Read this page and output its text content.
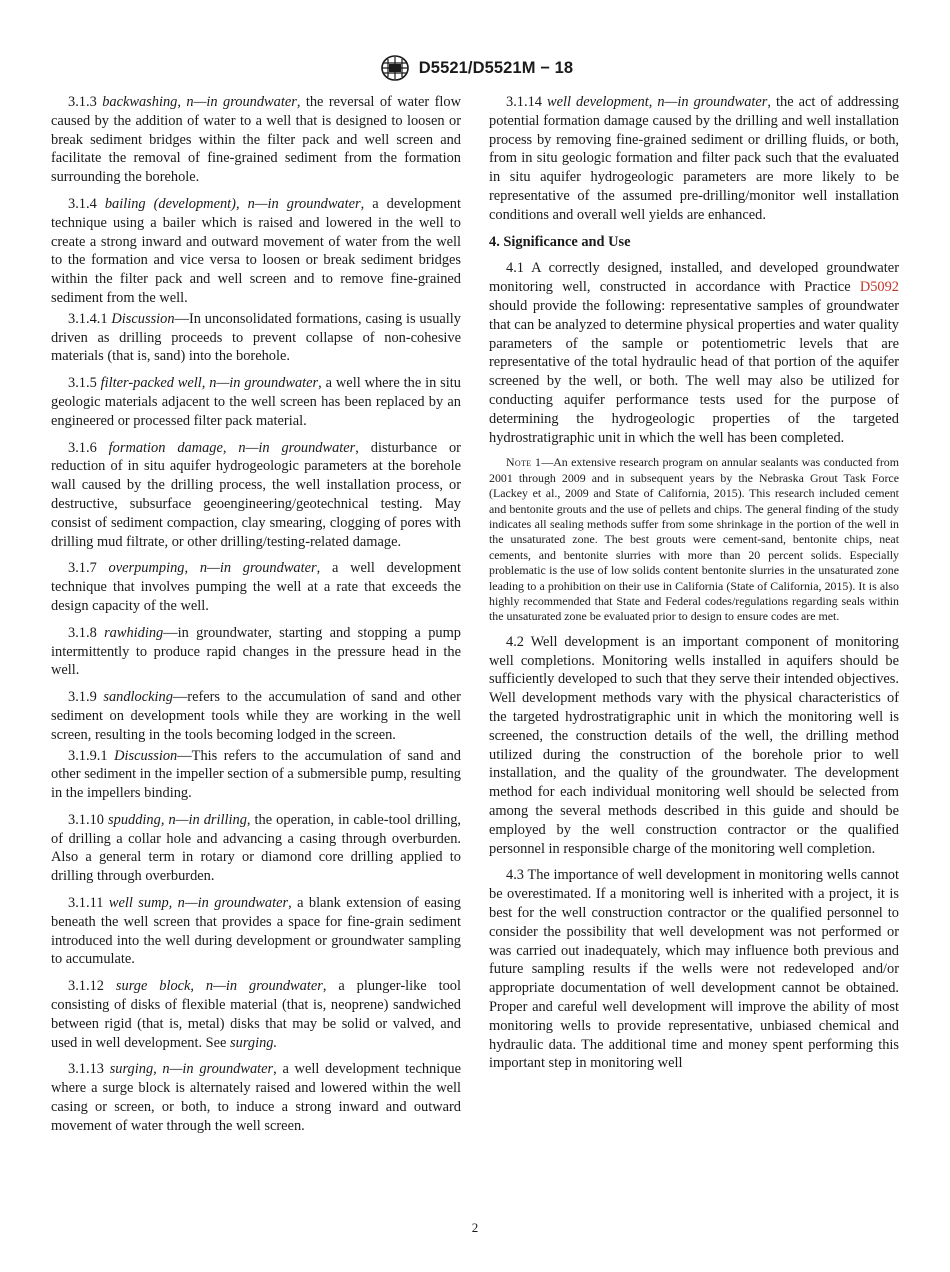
D5521/D5521M − 18

3.1.3 backwashing, n—in groundwater, the reversal of water flow caused by the addition of water to a well that is designed to loosen or break sediment bridges within the filter pack and well screen and facilitate the removal of fine-grained sediment from the formation surrounding the borehole.

3.1.4 bailing (development), n—in groundwater, a development technique using a bailer which is raised and lowered in the well to create a strong inward and outward movement of water from the well to the formation and vice versa to loosen or break sediment bridges within the filter pack and well screen and to remove fine-grained sediment from the well.

3.1.4.1 Discussion—In unconsolidated formations, casing is usually driven as drilling proceeds to prevent collapse of non-cohesive materials (that is, sand) into the borehole.

3.1.5 filter-packed well, n—in groundwater, a well where the in situ geologic materials adjacent to the well screen has been replaced by an engineered or processed filter pack material.

3.1.6 formation damage, n—in groundwater, disturbance or reduction of in situ aquifer hydrogeologic parameters at the borehole wall caused by the drilling process, the well installation process, or destructive, subsurface geoengineering/geotechnical testing. May consist of sediment compaction, clay smearing, clogging of pores with drilling mud filtrate, or other drilling/testing-related damage.

3.1.7 overpumping, n—in groundwater, a well development technique that involves pumping the well at a rate that exceeds the design capacity of the well.

3.1.8 rawhiding—in groundwater, starting and stopping a pump intermittently to produce rapid changes in the pressure head in the well.

3.1.9 sandlocking—refers to the accumulation of sand and other sediment on development tools while they are working in the well screen, resulting in the tools becoming lodged in the screen.

3.1.9.1 Discussion—This refers to the accumulation of sand and other sediment in the impeller section of a submersible pump, resulting in the impellers binding.

3.1.10 spudding, n—in drilling, the operation, in cable-tool drilling, of drilling a collar hole and advancing a casing through overburden. Also a general term in rotary or diamond core drilling applied to drilling through overburden.

3.1.11 well sump, n—in groundwater, a blank extension of easing beneath the well screen that provides a space for fine-grain sediment introduced into the well during development or groundwater sampling to accumulate.

3.1.12 surge block, n—in groundwater, a plunger-like tool consisting of disks of flexible material (that is, neoprene) sandwiched between rigid (that is, metal) disks that may be solid or valved, and used in well development. See surging.

3.1.13 surging, n—in groundwater, a well development technique where a surge block is alternately raised and lowered within the well casing or screen, or both, to induce a strong inward and outward movement of water through the well screen.

3.1.14 well development, n—in groundwater, the act of addressing potential formation damage caused by the drilling and well installation process by removing fine-grained sediment or drilling fluids, or both, from in situ geologic formation and filter pack such that the evaluated in situ aquifer hydrogeologic parameters are more likely to be representative of the assumed pre-drilling/monitor well installation conditions and overall well yields are enhanced.

4. Significance and Use

4.1 A correctly designed, installed, and developed groundwater monitoring well, constructed in accordance with Practice D5092 should provide the following: representative samples of groundwater that can be analyzed to determine physical properties and water quality parameters of the sample or potentiometric levels that are representative of the total hydraulic head of that portion of the aquifer screened by the well, or both. The well may also be utilized for conducting aquifer performance tests used for the purpose of determining the hydrogeologic properties of the targeted hydrostratigraphic unit in which the well has been completed.

Note 1—An extensive research program on annular sealants was conducted from 2001 through 2009 and in subsequent years by the Nebraska Grout Task Force (Lackey et al., 2009 and State of California, 2015). This research included cement and bentonite grouts and the use of pellets and chips. The general finding of the study indicates all sealing methods suffer from some shrinkage in the portion of the well in the unsaturated zone. The best grouts were cement-sand, bentonite chips, neat cements, and bentonite slurries with more than 20 percent solids. Especially problematic is the use of low solids content bentonite slurries in the unsaturated zone leading to a prohibition on their use in California (State of California, 2015). It is also highly recommended that State and Federal codes/regulations regarding seals within the unsaturated zone be evaluated prior to design to ensure codes are met.

4.2 Well development is an important component of monitoring well completions. Monitoring wells installed in aquifers should be sufficiently developed to such that they serve their intended objectives. Well development methods vary with the physical characteristics of the targeted hydrostratigraphic unit in which the monitoring well is screened, the construction details of the well, the drilling method utilized during the construction of the borehole prior to well installation, and the quality of the groundwater. The development method for each individual monitoring well should be selected from among the several methods described in this guide and should be employed by the well construction contractor or the qualified personnel in responsible charge of the monitoring well completion.

4.3 The importance of well development in monitoring wells cannot be overestimated. If a monitoring well is inherited with a project, it is best for the well construction contractor or the qualified personnel to consider the possibility that well development was not performed or was carried out inadequately, which may influence both previous and future sampling results if the wells were not redeveloped and/or appropriate documentation of well development cannot be obtained. Proper and careful well development will improve the ability of most monitoring wells to provide representative, unbiased chemical and hydraulic data. The additional time and money spent performing this important step in monitoring well

2
